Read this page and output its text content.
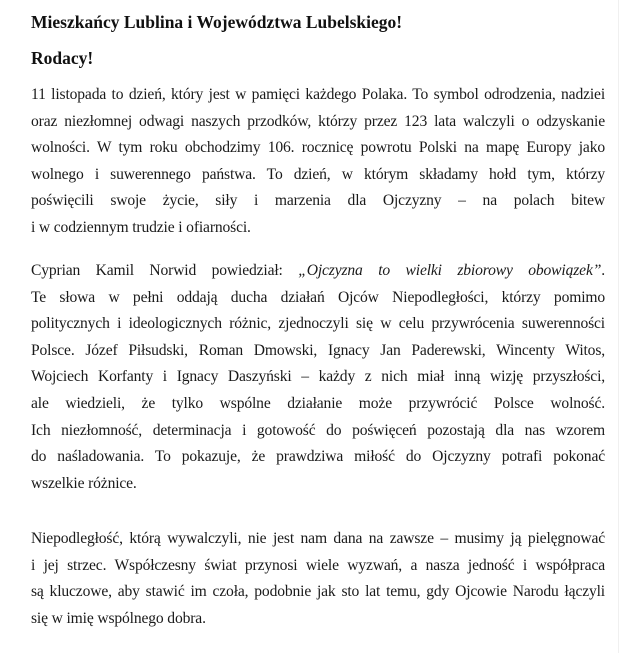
Mieszkańcy Lublina i Województwa Lubelskiego!
Rodacy!
11 listopada to dzień, który jest w pamięci każdego Polaka. To symbol odrodzenia, nadziei
oraz niezłomnej odwagi naszych przodków, którzy przez 123 lata walczyli o odzyskanie
wolności. W tym roku obchodzimy 106. rocznicę powrotu Polski na mapę Europy jako
wolnego i suwerennego państwa. To dzień, w którym składamy hołd tym, którzy
poświęcili swoje życie, siły i marzenia dla Ojczyzny – na polach bitew
i w codziennym trudzie i ofiarności.
Cyprian Kamil Norwid powiedział: „Ojczyzna to wielki zbiorowy obowiązek”.
Te słowa w pełni oddają ducha działań Ojców Niepodległości, którzy pomimo
politycznych i ideologicznych różnic, zjednoczyli się w celu przywrócenia suwerenności
Polsce. Józef Piłsudski, Roman Dmowski, Ignacy Jan Paderewski, Wincenty Witos,
Wojciech Korfanty i Ignacy Daszyński – każdy z nich miał inną wizję przyszłości,
ale wiedzieli, że tylko wspólne działanie może przywrócić Polsce wolność.
Ich niezłomność, determinacja i gotowość do poświęceń pozostają dla nas wzorem
do naśladowania. To pokazuje, że prawdziwa miłość do Ojczyzny potrafi pokonać
wszelkie różnice.
Niepodległość, którą wywalczyli, nie jest nam dana na zawsze – musimy ją pielęgnować
i jej strzec. Współczesny świat przynosi wiele wyzwań, a nasza jedność i współpraca
są kluczowe, aby stawić im czoła, podobnie jak sto lat temu, gdy Ojcowie Narodu łączyli
się w imię wspólnego dobra.
